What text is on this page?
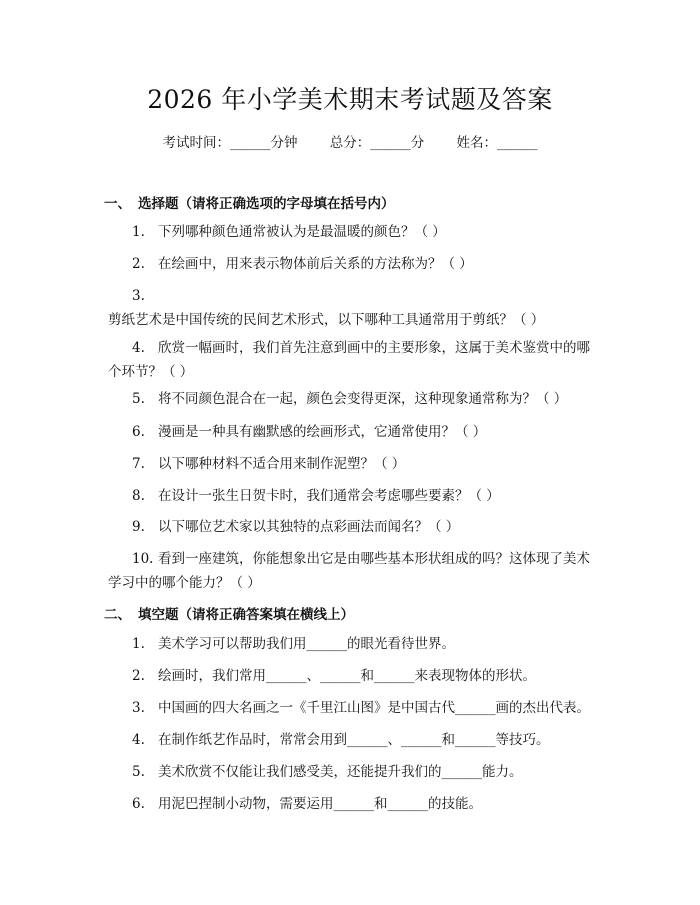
2026 年小学美术期末考试题及答案
考试时间：______分钟 总分：______分 姓名：______
一、 选择题（请将正确选项的字母填在括号内）
1. 下列哪种颜色通常被认为是最温暖的颜色？（ ）
2. 在绘画中，用来表示物体前后关系的方法称为？（ ）
3.剪纸艺术是中国传统的民间艺术形式，以下哪种工具通常用于剪纸？（ ）
4. 欣赏一幅画时，我们首先注意到画中的主要形象，这属于美术鉴赏中的哪个环节？（ ）
5. 将不同颜色混合在一起，颜色会变得更深，这种现象通常称为？（ ）
6. 漫画是一种具有幽默感的绘画形式，它通常使用？（ ）
7. 以下哪种材料不适合用来制作泥塑？（ ）
8. 在设计一张生日贺卡时，我们通常会考虑哪些要素？（ ）
9. 以下哪位艺术家以其独特的点彩画法而闻名？（ ）
10. 看到一座建筑，你能想象出它是由哪些基本形状组成的吗？这体现了美术学习中的哪个能力？（ ）
二、 填空题（请将正确答案填在横线上）
1. 美术学习可以帮助我们用______的眼光看待世界。
2. 绘画时，我们常用______、______和______来表现物体的形状。
3. 中国画的四大名画之一《千里江山图》是中国古代______画的杰出代表。
4. 在制作纸艺作品时，常常会用到______、______和______等技巧。
5. 美术欣赏不仅能让我们感受美，还能提升我们的______能力。
6. 用泥巴捏制小动物，需要运用______和______的技能。
